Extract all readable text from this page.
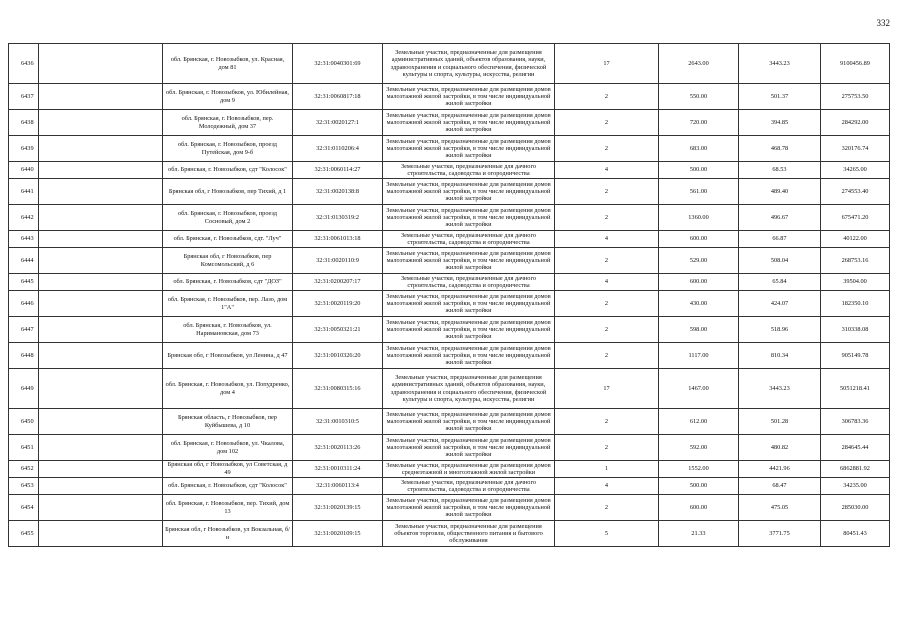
332
6436		обл. Брянская, г. Новозыбков, ул. Красная, дом 81	32:31:0040301:69	Земельные участки, предназначенные для размещения административных зданий, объектов образования, науки, здравоохранения и социального обеспечения, физической культуры и спорта, культуры, искусства, религии	17	2643.00	3443.23	9100456.89
6437		обл. Брянская, г. Новозыбков, ул. Юбилейная, дом 9	32:31:0060817:18	Земельные участки, предназначенные для размещения домов малоэтажной жилой застройки, в том числе индивидуальной жилой застройки	2	550.00	501.37	275753.50
6438		обл. Брянская, г. Новозыбков, пер. Молодежный, дом 37	32:31:0020127:1	Земельные участки, предназначенные для размещения домов малоэтажной жилой застройки, в том числе индивидуальной жилой застройки	2	720.00	394.85	284292.00
6439		обл. Брянская, г. Новозыбков, проезд Путейская, дом 9-б	32:31:0110206:4	Земельные участки, предназначенные для размещения домов малоэтажной жилой застройки, в том числе индивидуальной жилой застройки	2	683.00	468.78	320176.74
6440		обл. Брянская, г. Новозыбков, сдт "Колосок"	32:31:0060114:27	Земельные участки, предназначенные для дачного строительства, садоводства и огородничества	4	500.00	68.53	34265.00
6441		Брянская обл, г Новозыбков, пер Тихий, д 1	32:31:0020138:8	Земельные участки, предназначенные для размещения домов малоэтажной жилой застройки, в том числе индивидуальной жилой застройки	2	561.00	489.40	274553.40
6442		обл. Брянская, г. Новозыбков, проезд Сосновый, дом 2	32:31:0130319:2	Земельные участки, предназначенные для размещения домов малоэтажной жилой застройки, в том числе индивидуальной жилой застройки	2	1360.00	496.67	675471.20
6443		обл. Брянская, г. Новозыбков, сдт. "Луч"	32:31:0061013:18	Земельные участки, предназначенные для дачного строительства, садоводства и огородничества	4	600.00	66.87	40122.00
6444		Брянская обл, г Новозыбков, пер Комсомольский, д 6	32:31:0020110:9	Земельные участки, предназначенные для размещения домов малоэтажной жилой застройки, в том числе индивидуальной жилой застройки	2	529.00	508.04	268753.16
6445		обл. Брянская, г. Новозыбков, сдт "ДОЗ"	32:31:0200207:17	Земельные участки, предназначенные для дачного строительства, садоводства и огородничества	4	600.00	65.84	39504.00
6446		обл. Брянская, г. Новозыбков, пер. Лазо, дом 1"А"	32:31:0020119:20	Земельные участки, предназначенные для размещения домов малоэтажной жилой застройки, в том числе индивидуальной жилой застройки	2	430.00	424.07	182350.10
6447		обл. Брянская, г. Новозыбков, ул. Наримановская, дом 73	32:31:0050321:21	Земельные участки, предназначенные для размещения домов малоэтажной жилой застройки, в том числе индивидуальной жилой застройки	2	598.00	518.96	310338.08
6448		Брянская обл, г Новозыбков, ул Ленина, д 47	32:31:0010326:20	Земельные участки, предназначенные для размещения домов малоэтажной жилой застройки, в том числе индивидуальной жилой застройки	2	1117.00	810.34	905149.78
6449		обл. Брянская, г. Новозыбков, ул. Попудренко, дом 4	32:31:0080315:16	Земельные участки, предназначенные для размещения административных зданий, объектов образования, науки, здравоохранения и социального обеспечения, физической культуры и спорта, культуры, искусства, религии	17	1467.00	3443.23	5051218.41
6450		Брянская область, г Новозыбков, пер Куйбышева, д 10	32:31:0010310:5	Земельные участки, предназначенные для размещения домов малоэтажной жилой застройки, в том числе индивидуальной жилой застройки	2	612.00	501.28	306783.36
6451		обл. Брянская, г. Новозыбков, ул. Чкалова, дом 102	32:31:0020113:26	Земельные участки, предназначенные для размещения домов малоэтажной жилой застройки, в том числе индивидуальной жилой застройки	2	592.00	480.82	284645.44
6452		Брянская обл, г Новозыбков, ул Советская, д 49	32:31:0010311:24	Земельные участки, предназначенные для размещения домов среднеэтажной и многоэтажной жилой застройки	1	1552.00	4421.96	6862881.92
6453		обл. Брянская, г. Новозыбков, сдт "Колосок"	32:31:0060113:4	Земельные участки, предназначенные для дачного строительства, садоводства и огородничества	4	500.00	68.47	34235.00
6454		обл. Брянская, г. Новозыбков, пер. Тихий, дом 13	32:31:0020139:15	Земельные участки, предназначенные для размещения домов малоэтажной жилой застройки, в том числе индивидуальной жилой застройки	2	600.00	475.05	285030.00
6455		Брянская обл, г Новозыбков, ул Вокзальная, б/н	32:31:0020109:15	Земельные участки, предназначенные для размещения объектов торговли, общественного питания и бытового обслуживания	5	21.33	3771.75	80451.43
